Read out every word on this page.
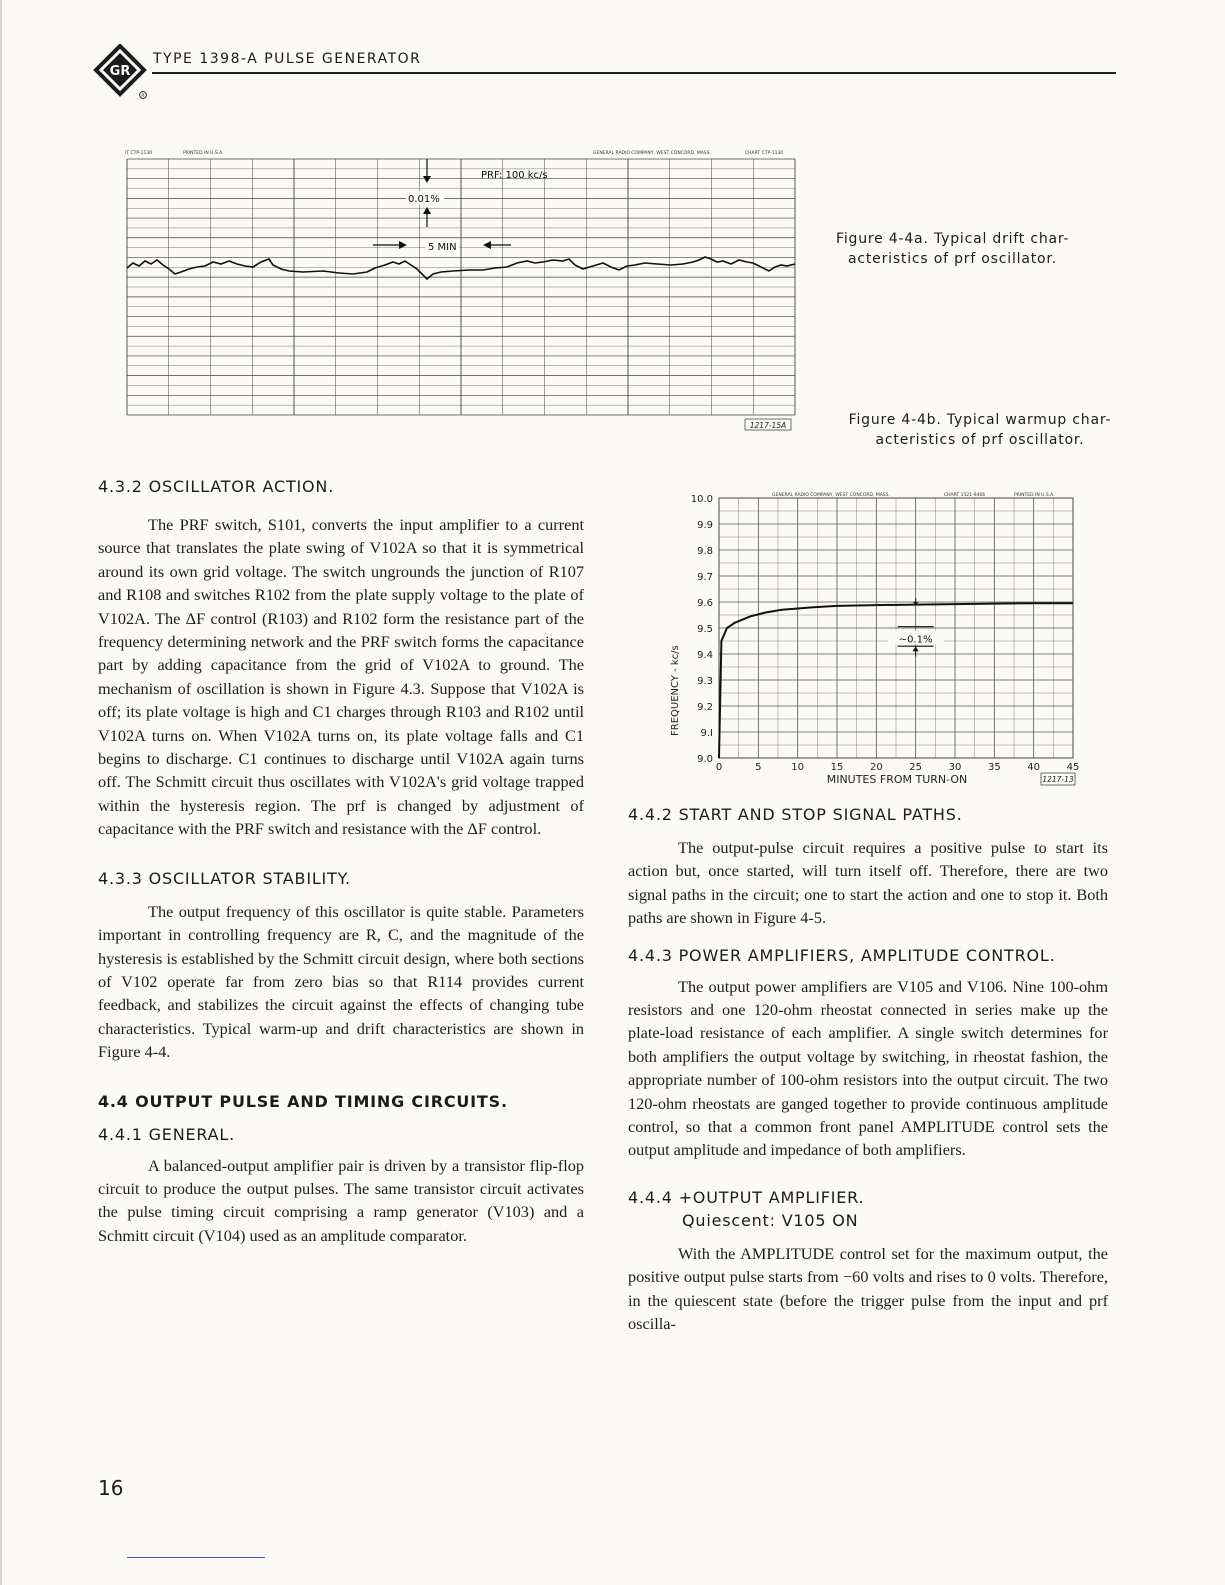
GR
R
TYPE 1398-A PULSE GENERATOR
IT CTP-1130	PRINTED IN U.S.A.	GENERAL RADIO COMPANY, WEST CONCORD, MASS.	CHART CTP-1130
PRF: 100 kc/s
0.01%
5 MIN
1217-15A
Figure 4-4a. Typical drift char-
acteristics of prf oscillator.
Figure 4-4b. Typical warmup char-
acteristics of prf oscillator.
9.0
9.I
9.2
9.3
9.4
9.5
9.6
9.7
9.8
9.9
10.0
0	5	10	15	20	25	30	35	40	45
FREQUENCY - kc/s
MINUTES FROM TURN-ON
GENERAL RADIO COMPANY, WEST CONCORD, MASS.	CHART 1521-9466	PRINTED IN U.S.A.
~0.1%
1217-13

4.3.2 OSCILLATOR ACTION.

The PRF switch, S101, converts the input amplifier to a current source that translates the plate swing of V102A so that it is symmetrical around its own grid voltage. The switch ungrounds the junction of R107 and R108 and switches R102 from the plate supply voltage to the plate of V102A. The ΔF control (R103) and R102 form the resistance part of the frequency determining network and the PRF switch forms the capacitance part by adding capacitance from the grid of V102A to ground. The mechanism of oscillation is shown in Figure 4.3. Suppose that V102A is off; its plate voltage is high and C1 charges through R103 and R102 until V102A turns on. When V102A turns on, its plate voltage falls and C1 begins to discharge. C1 continues to discharge until V102A again turns off. The Schmitt circuit thus oscillates with V102A's grid voltage trapped within the hysteresis region. The prf is changed by adjustment of capacitance with the PRF switch and resistance with the ΔF control.

4.3.3 OSCILLATOR STABILITY.

The output frequency of this oscillator is quite stable. Parameters important in controlling frequency are R, C, and the magnitude of the hysteresis is established by the Schmitt circuit design, where both sections of V102 operate far from zero bias so that R114 provides current feedback, and stabilizes the circuit against the effects of changing tube characteristics. Typical warm-up and drift characteristics are shown in Figure 4-4.

4.4 OUTPUT PULSE AND TIMING CIRCUITS.

4.4.1 GENERAL.

A balanced-output amplifier pair is driven by a transistor flip-flop circuit to produce the output pulses. The same transistor circuit activates the pulse timing circuit comprising a ramp generator (V103) and a Schmitt circuit (V104) used as an amplitude comparator.

4.4.2 START AND STOP SIGNAL PATHS.

The output-pulse circuit requires a positive pulse to start its action but, once started, will turn itself off. Therefore, there are two signal paths in the circuit; one to start the action and one to stop it. Both paths are shown in Figure 4-5.

4.4.3 POWER AMPLIFIERS, AMPLITUDE CONTROL.

The output power amplifiers are V105 and V106. Nine 100-ohm resistors and one 120-ohm rheostat connected in series make up the plate-load resistance of each amplifier. A single switch determines for both amplifiers the output voltage by switching, in rheostat fashion, the appropriate number of 100-ohm resistors into the output circuit. The two 120-ohm rheostats are ganged together to provide continuous amplitude control, so that a common front panel AMPLITUDE control sets the output amplitude and impedance of both amplifiers.

4.4.4 +OUTPUT AMPLIFIER.

Quiescent: V105 ON

With the AMPLITUDE control set for the maximum output, the positive output pulse starts from −60 volts and rises to 0 volts. Therefore, in the quiescent state (before the trigger pulse from the input and prf oscilla-

16
